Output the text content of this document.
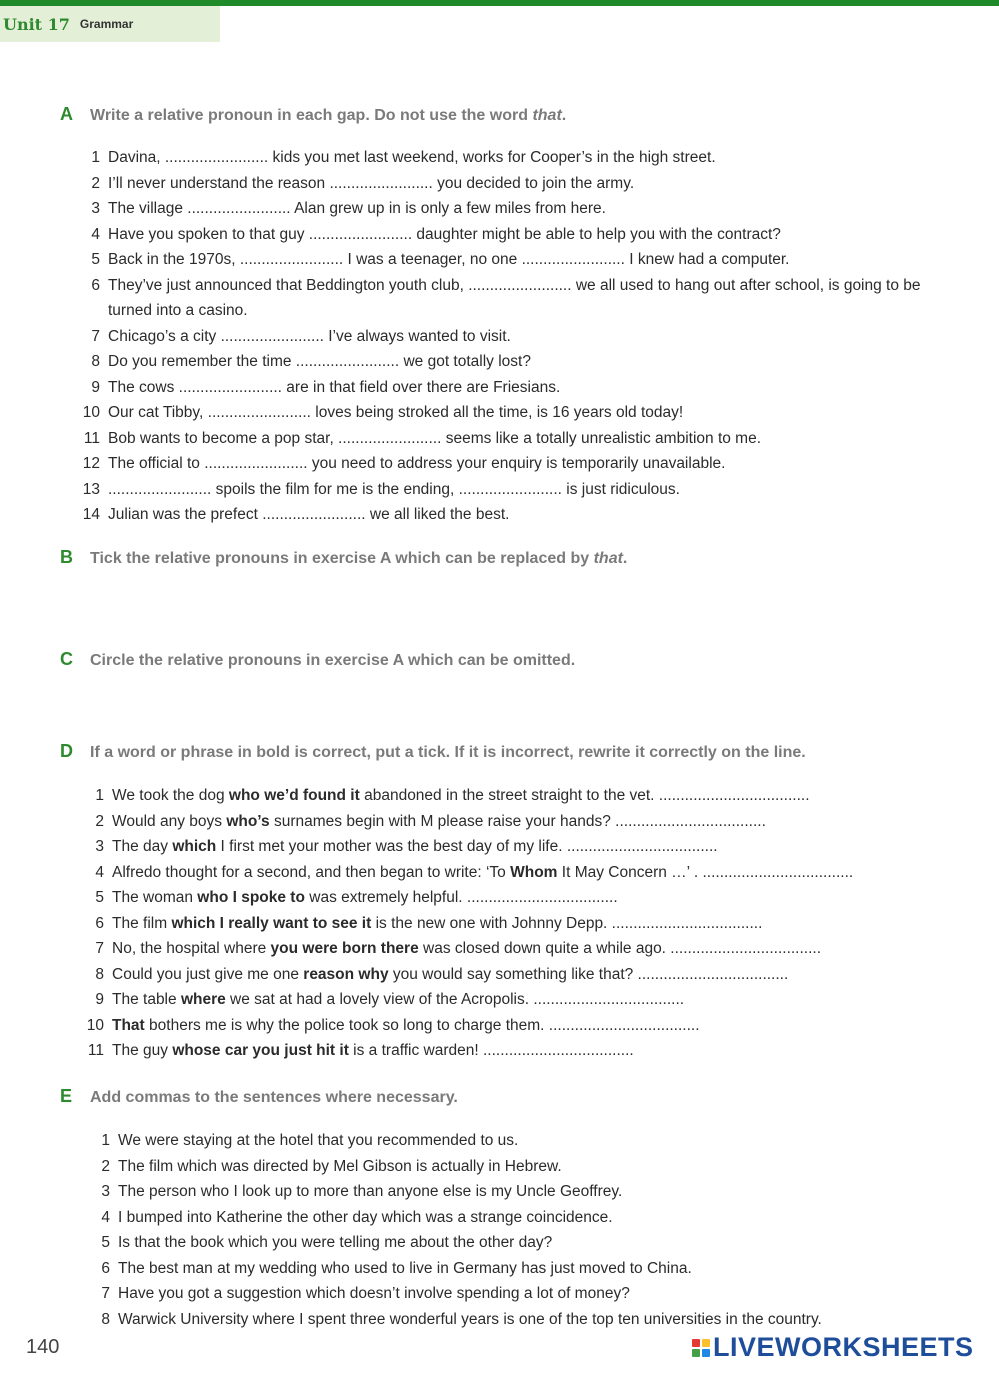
Unit 17 Grammar
A	Write a relative pronoun in each gap. Do not use the word that.
1 Davina, ........................ kids you met last weekend, works for Cooper’s in the high street.
2 I’ll never understand the reason ........................ you decided to join the army.
3 The village ........................ Alan grew up in is only a few miles from here.
4 Have you spoken to that guy ........................ daughter might be able to help you with the contract?
5 Back in the 1970s, ........................ I was a teenager, no one ........................ I knew had a computer.
6 They’ve just announced that Beddington youth club, ........................ we all used to hang out after school, is going to be turned into a casino.
7 Chicago’s a city ........................ I’ve always wanted to visit.
8 Do you remember the time ........................ we got totally lost?
9 The cows ........................ are in that field over there are Friesians.
10 Our cat Tibby, ........................ loves being stroked all the time, is 16 years old today!
11 Bob wants to become a pop star, ........................ seems like a totally unrealistic ambition to me.
12 The official to ........................ you need to address your enquiry is temporarily unavailable.
13 ........................ spoils the film for me is the ending, ........................ is just ridiculous.
14 Julian was the prefect ........................ we all liked the best.
B	Tick the relative pronouns in exercise A which can be replaced by that.
C	Circle the relative pronouns in exercise A which can be omitted.
D	If a word or phrase in bold is correct, put a tick. If it is incorrect, rewrite it correctly on the line.
1 We took the dog who we’d found it abandoned in the street straight to the vet. ...................................
2 Would any boys who’s surnames begin with M please raise your hands? ...................................
3 The day which I first met your mother was the best day of my life. ...................................
4 Alfredo thought for a second, and then began to write: ‘To Whom It May Concern …’ . ...................................
5 The woman who I spoke to was extremely helpful. ...................................
6 The film which I really want to see it is the new one with Johnny Depp. ...................................
7 No, the hospital where you were born there was closed down quite a while ago. ...................................
8 Could you just give me one reason why you would say something like that? ...................................
9 The table where we sat at had a lovely view of the Acropolis. ...................................
10 That bothers me is why the police took so long to charge them. ...................................
11 The guy whose car you just hit it is a traffic warden! ...................................
E	Add commas to the sentences where necessary.
1 We were staying at the hotel that you recommended to us.
2 The film which was directed by Mel Gibson is actually in Hebrew.
3 The person who I look up to more than anyone else is my Uncle Geoffrey.
4 I bumped into Katherine the other day which was a strange coincidence.
5 Is that the book which you were telling me about the other day?
6 The best man at my wedding who used to live in Germany has just moved to China.
7 Have you got a suggestion which doesn’t involve spending a lot of money?
8 Warwick University where I spent three wonderful years is one of the top ten universities in the country.
140	LIVEWORKSHEETS
